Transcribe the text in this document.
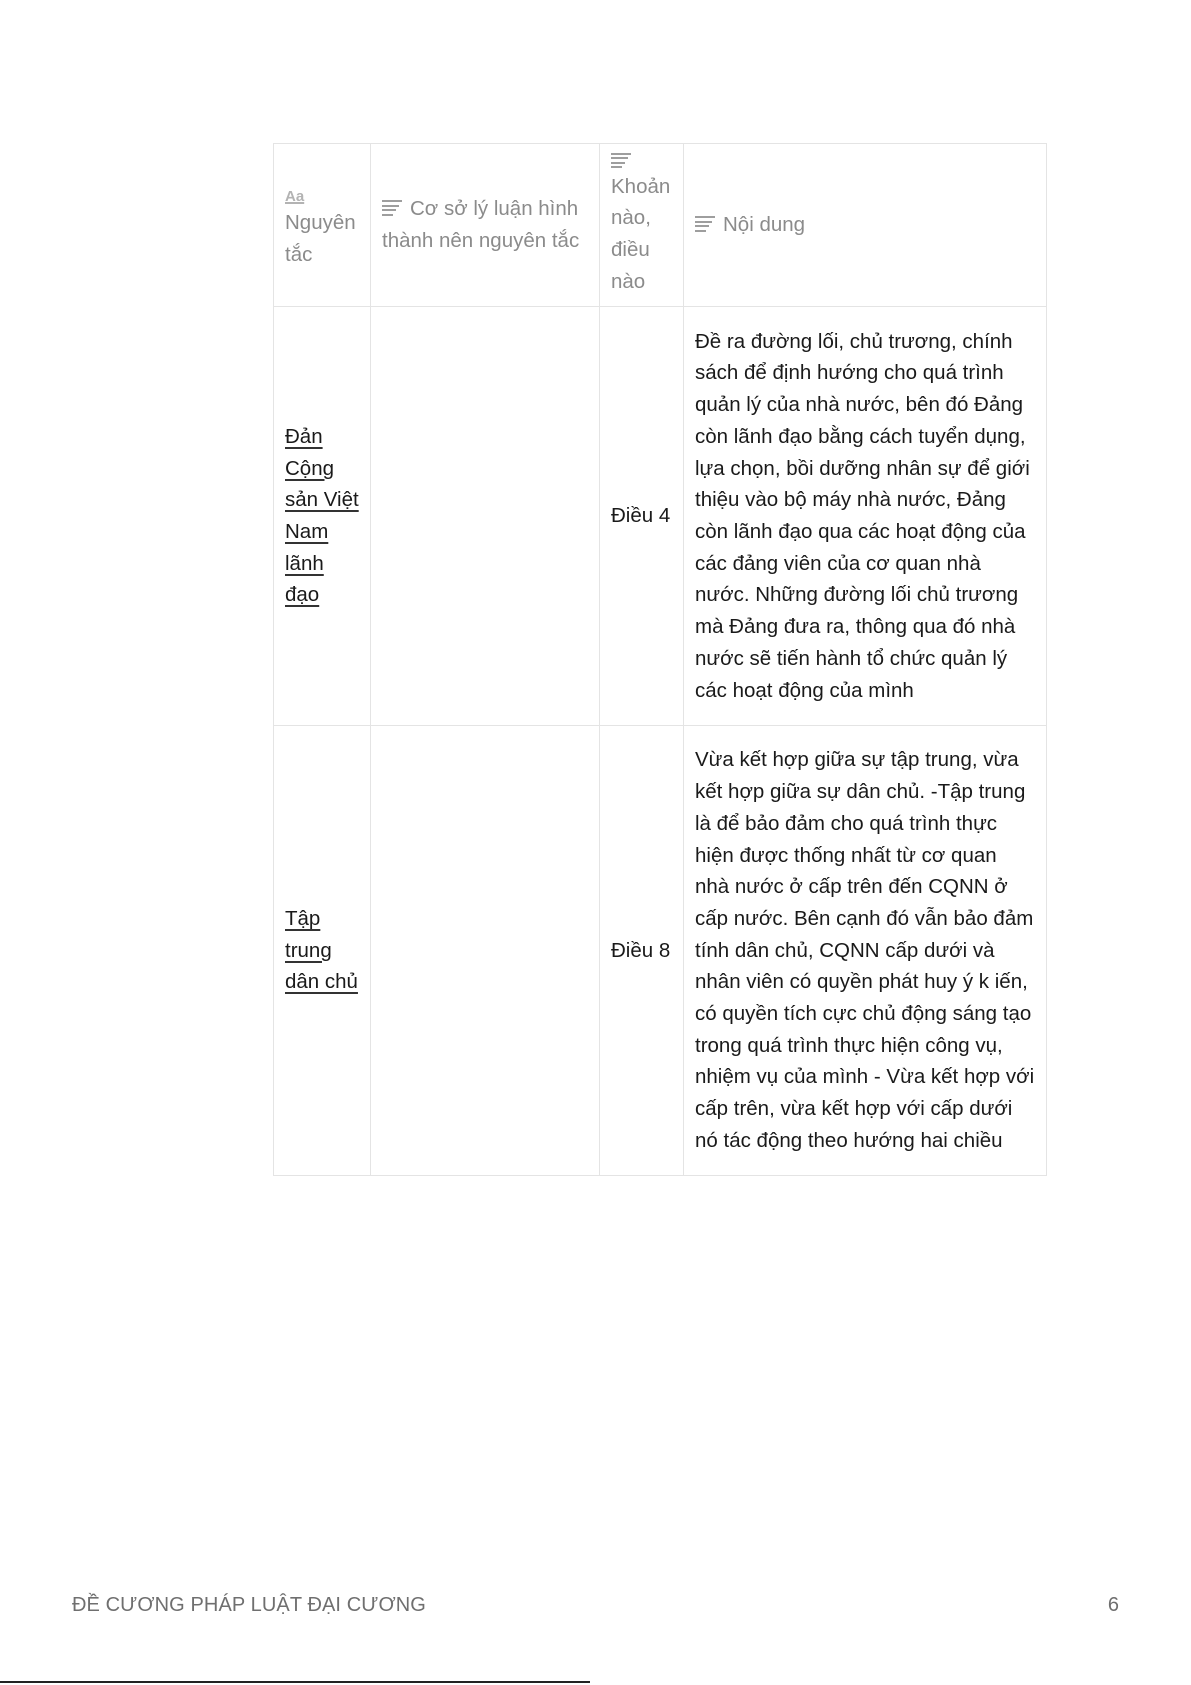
Aa
Nguyên tắc	Cơ sở lý luận hình thành nên nguyên tắc	Khoản nào, điều nào	Nội dung
Đản Cộng sản Việt Nam lãnh đạo		Điều 4	Đề ra đường lối, chủ trương, chính sách để định hướng cho quá trình quản lý của nhà nước, bên đó Đảng còn lãnh đạo bằng cách tuyển dụng, lựa chọn, bồi dưỡng nhân sự để giới thiệu vào bộ máy nhà nước, Đảng còn lãnh đạo qua các hoạt động của các đảng viên của cơ quan nhà nước. Những đường lối chủ trương mà Đảng đưa ra, thông qua đó nhà nước sẽ tiến hành tổ chức quản lý các hoạt động của mình
Tập trung dân chủ		Điều 8	Vừa kết hợp giữa sự tập trung, vừa kết hợp giữa sự dân chủ. -Tập trung là để bảo đảm cho quá trình thực hiện được thống nhất từ cơ quan nhà nước ở cấp trên đến CQNN ở cấp nước. Bên cạnh đó vẫn bảo đảm tính dân chủ, CQNN cấp dưới và nhân viên có quyền phát huy ý k iến, có quyền tích cực chủ động sáng tạo trong quá trình thực hiện công vụ, nhiệm vụ của mình - Vừa kết hợp với cấp trên, vừa kết hợp với cấp dưới nó tác động theo hướng hai chiều
ĐỀ CƯƠNG PHÁP LUẬT ĐẠI CƯƠNG	6
